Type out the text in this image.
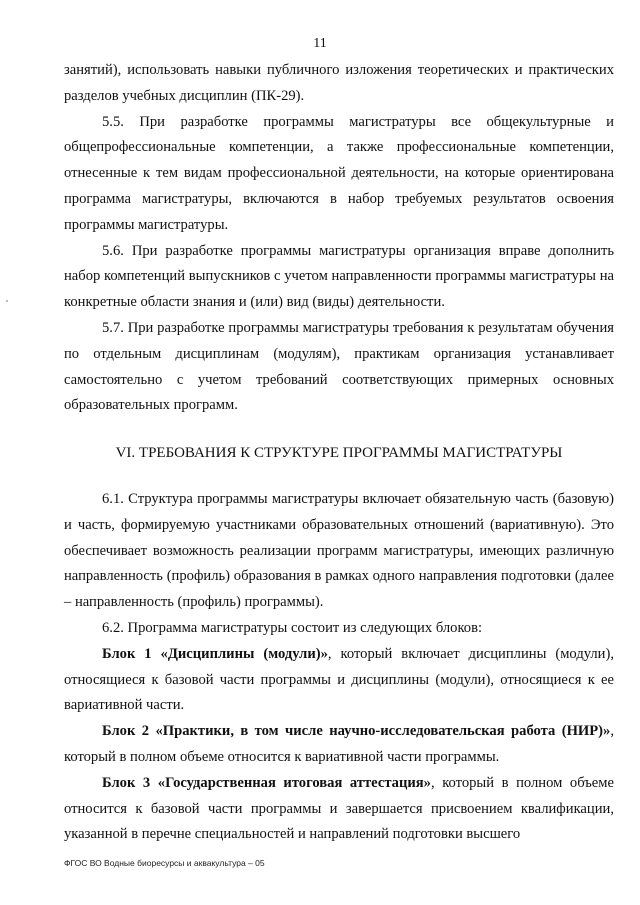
11

занятий), использовать навыки публичного изложения теоретических и практических разделов учебных дисциплин (ПК-29).

5.5. При разработке программы магистратуры все общекультурные и общепрофессиональные компетенции, а также профессиональные компетенции, отнесенные к тем видам профессиональной деятельности, на которые ориентирована программа магистратуры, включаются в набор требуемых результатов освоения программы магистратуры.

5.6. При разработке программы магистратуры организация вправе дополнить набор компетенций выпускников с учетом направленности программы магистратуры на конкретные области знания и (или) вид (виды) деятельности.

5.7. При разработке программы магистратуры требования к результатам обучения по отдельным дисциплинам (модулям), практикам организация устанавливает самостоятельно с учетом требований соответствующих примерных основных образовательных программ.

VI. ТРЕБОВАНИЯ К СТРУКТУРЕ ПРОГРАММЫ МАГИСТРАТУРЫ

6.1. Структура программы магистратуры включает обязательную часть (базовую) и часть, формируемую участниками образовательных отношений (вариативную). Это обеспечивает возможность реализации программ магистратуры, имеющих различную направленность (профиль) образования в рамках одного направления подготовки (далее – направленность (профиль) программы).

6.2. Программа магистратуры состоит из следующих блоков:

Блок 1 «Дисциплины (модули)», который включает дисциплины (модули), относящиеся к базовой части программы и дисциплины (модули), относящиеся к ее вариативной части.

Блок 2 «Практики, в том числе научно-исследовательская работа (НИР)», который в полном объеме относится к вариативной части программы.

Блок 3 «Государственная итоговая аттестация», который в полном объеме относится к базовой части программы и завершается присвоением квалификации, указанной в перечне специальностей и направлений подготовки высшего

ФГОС ВО Водные биоресурсы и аквакультура – 05
